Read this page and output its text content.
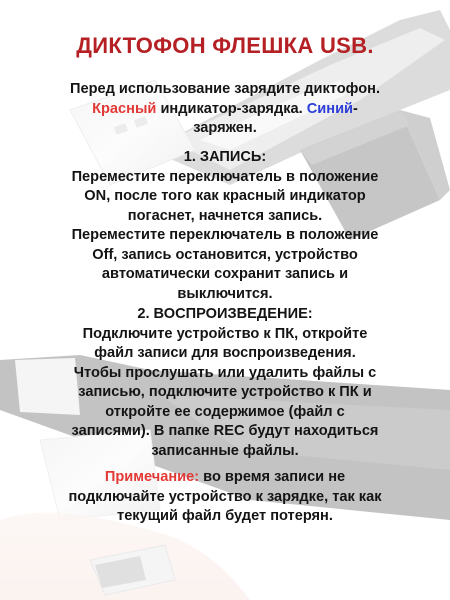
ДИКТОФОН ФЛЕШКА USB.
Перед использование зарядите диктофон.
Красный индикатор-зарядка. Синий-
заряжен.
1. ЗАПИСЬ:
Переместите переключатель в положение
ON, после того как красный индикатор
погаснет, начнется запись.
Переместите переключатель в положение
Off, запись остановится, устройство
автоматически сохранит запись и
выключится.
2. ВОСПРОИЗВЕДЕНИЕ:
Подключите устройство к ПК, откройте
файл записи для воспроизведения.
Чтобы прослушать или удалить файлы с
записью, подключите устройство к ПК и
откройте ее содержимое (файл с
записями). В папке REC будут находиться
записанные файлы.
Примечание: во время записи не
подключайте устройство к зарядке, так как
текущий файл будет потерян.
